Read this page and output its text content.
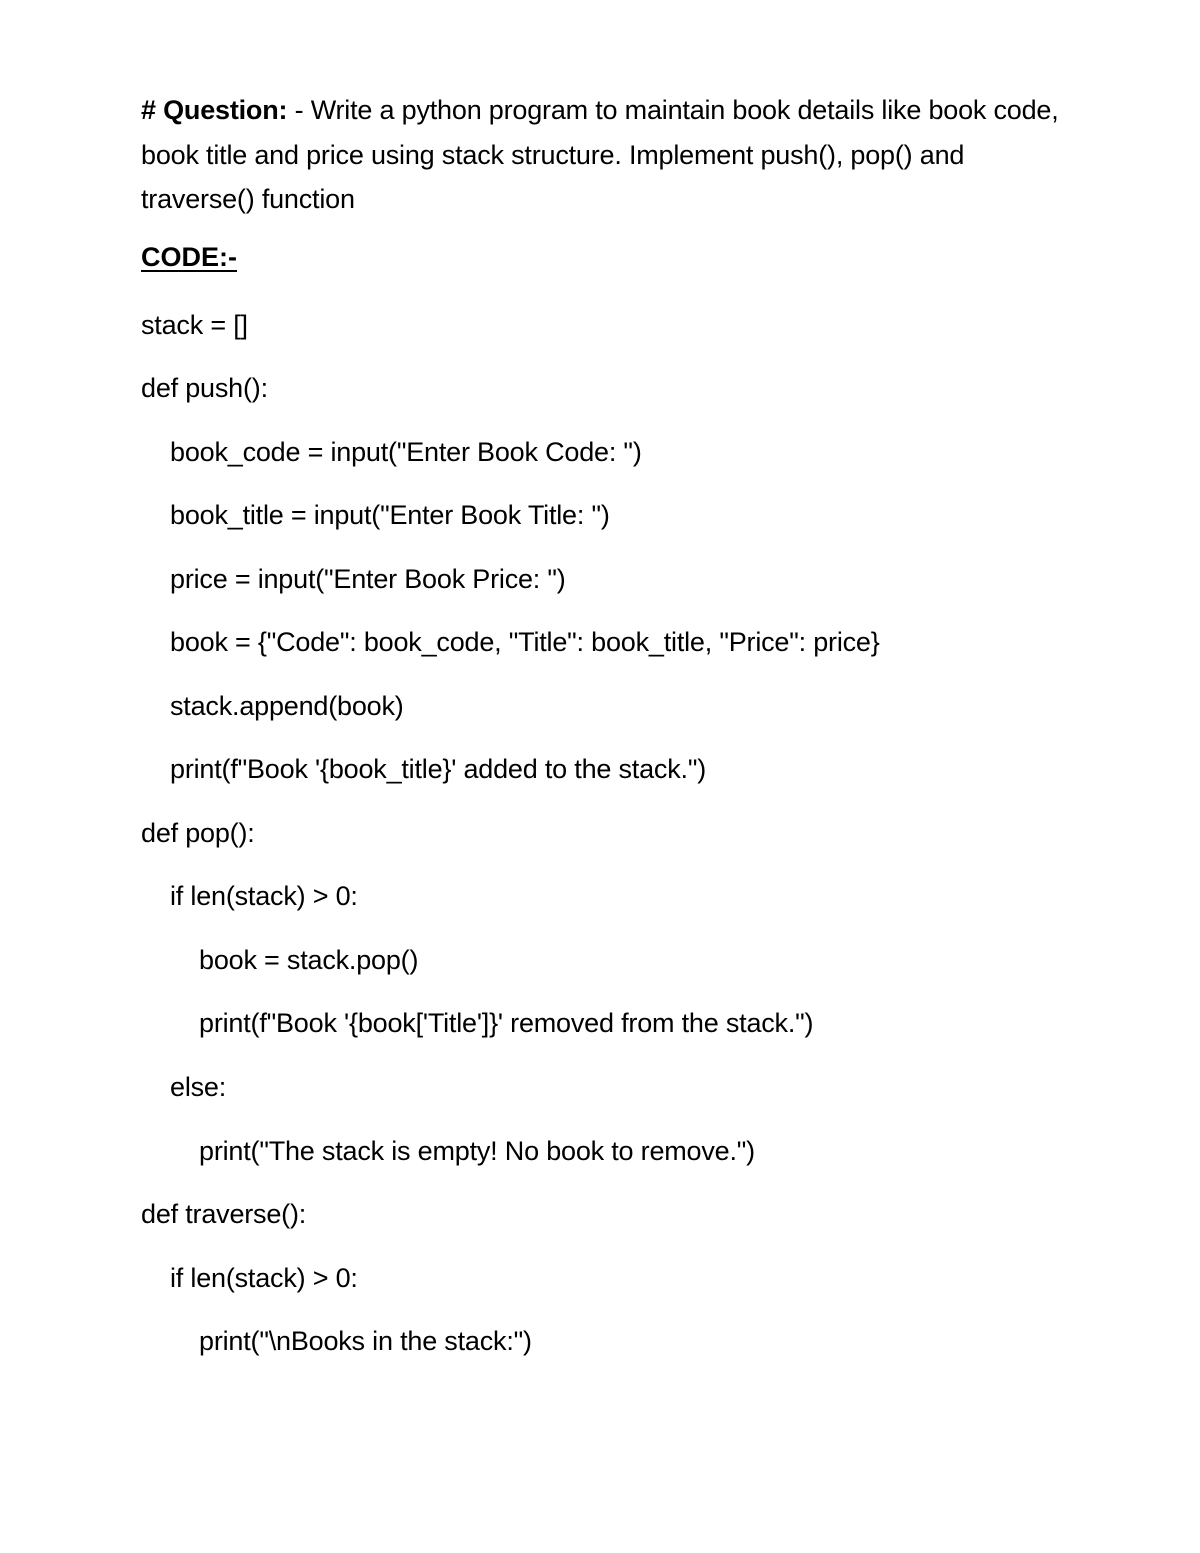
# Question: - Write a python program to maintain book details like book code, book title and price using stack structure. Implement push(), pop() and traverse() function
CODE:-
stack = []
def push():
book_code = input("Enter Book Code: ")
book_title = input("Enter Book Title: ")
price = input("Enter Book Price: ")
book = {"Code": book_code, "Title": book_title, "Price": price}
stack.append(book)
print(f"Book '{book_title}' added to the stack.")
def pop():
if len(stack) > 0:
book = stack.pop()
print(f"Book '{book['Title']}' removed from the stack.")
else:
print("The stack is empty! No book to remove.")
def traverse():
if len(stack) > 0:
print("\nBooks in the stack:")
